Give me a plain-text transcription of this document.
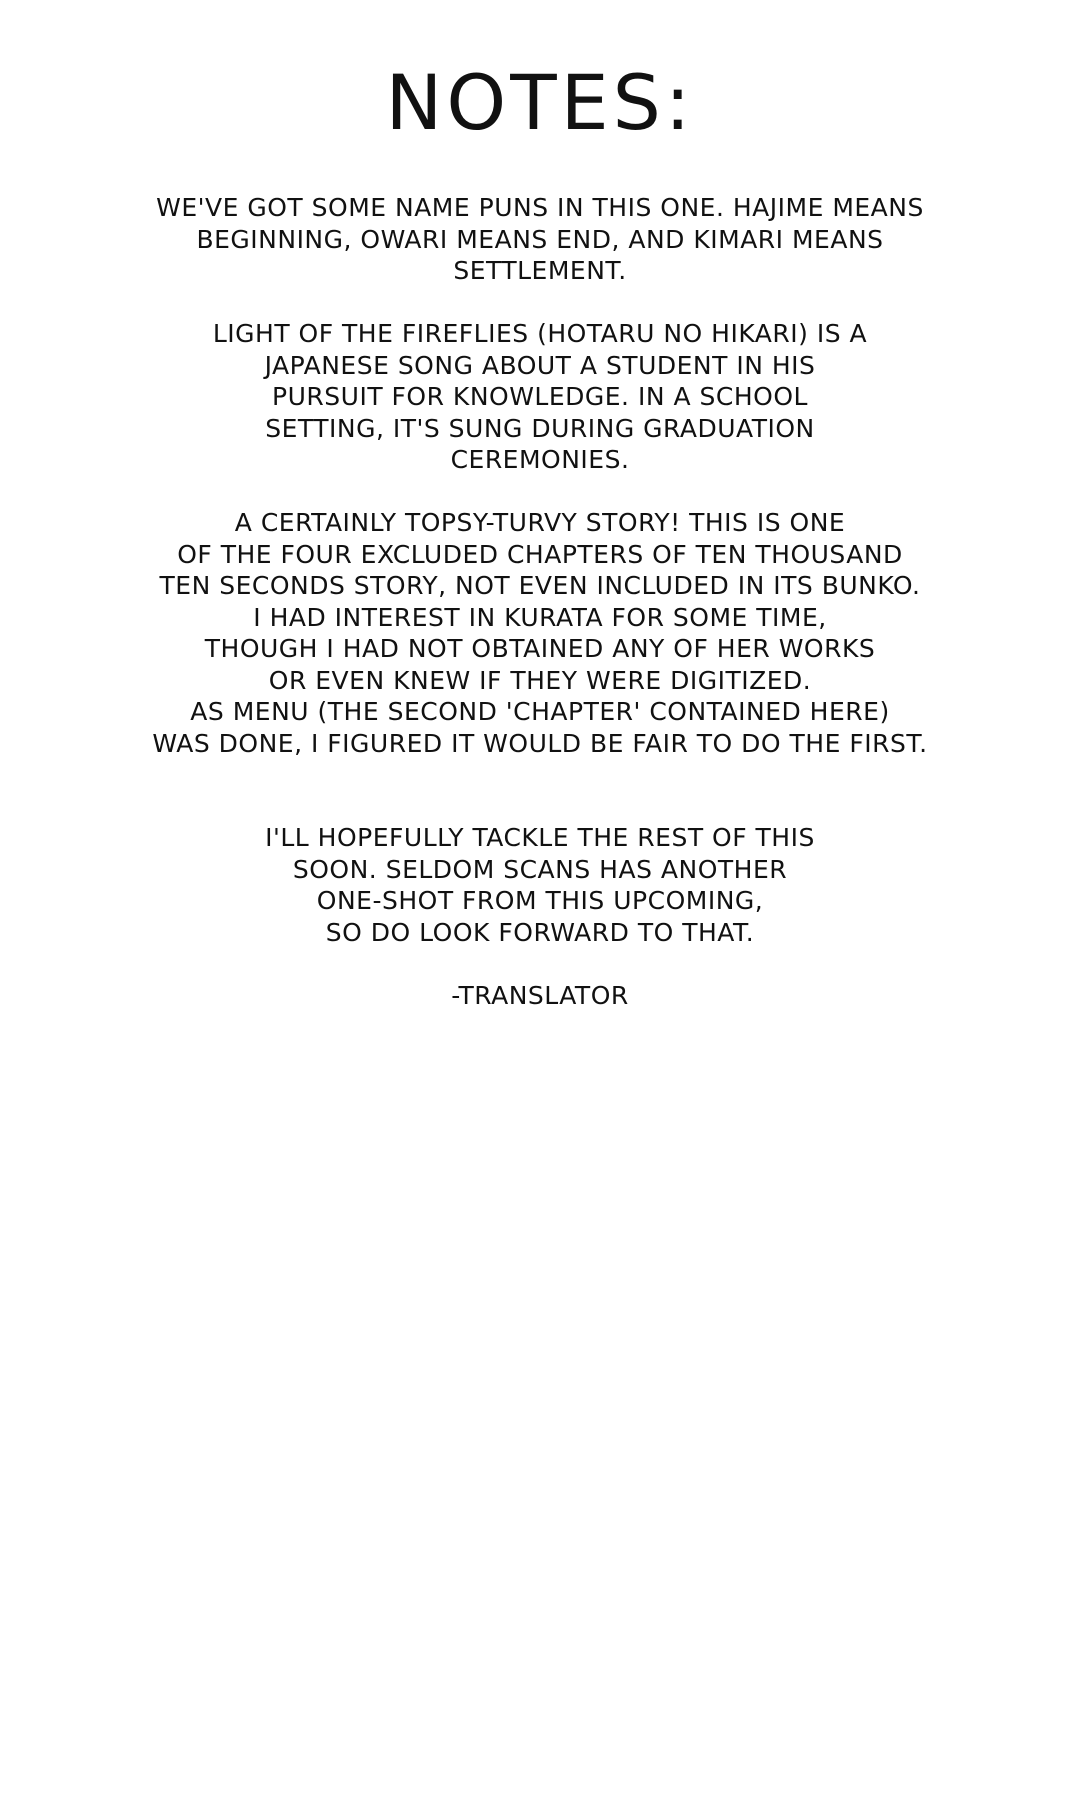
NOTES:
WE'VE GOT SOME NAME PUNS IN THIS ONE. HAJIME MEANS
BEGINNING, OWARI MEANS END, AND KIMARI MEANS
SETTLEMENT.
LIGHT OF THE FIREFLIES (HOTARU NO HIKARI) IS A
JAPANESE SONG ABOUT A STUDENT IN HIS
PURSUIT FOR KNOWLEDGE. IN A SCHOOL
SETTING, IT'S SUNG DURING GRADUATION
CEREMONIES.
A CERTAINLY TOPSY-TURVY STORY! THIS IS ONE
OF THE FOUR EXCLUDED CHAPTERS OF TEN THOUSAND
TEN SECONDS STORY, NOT EVEN INCLUDED IN ITS BUNKO.
I HAD INTEREST IN KURATA FOR SOME TIME,
THOUGH I HAD NOT OBTAINED ANY OF HER WORKS
OR EVEN KNEW IF THEY WERE DIGITIZED.
AS MENU (THE SECOND 'CHAPTER' CONTAINED HERE)
WAS DONE, I FIGURED IT WOULD BE FAIR TO DO THE FIRST.
I'LL HOPEFULLY TACKLE THE REST OF THIS
SOON. SELDOM SCANS HAS ANOTHER
ONE-SHOT FROM THIS UPCOMING,
SO DO LOOK FORWARD TO THAT.
-TRANSLATOR
